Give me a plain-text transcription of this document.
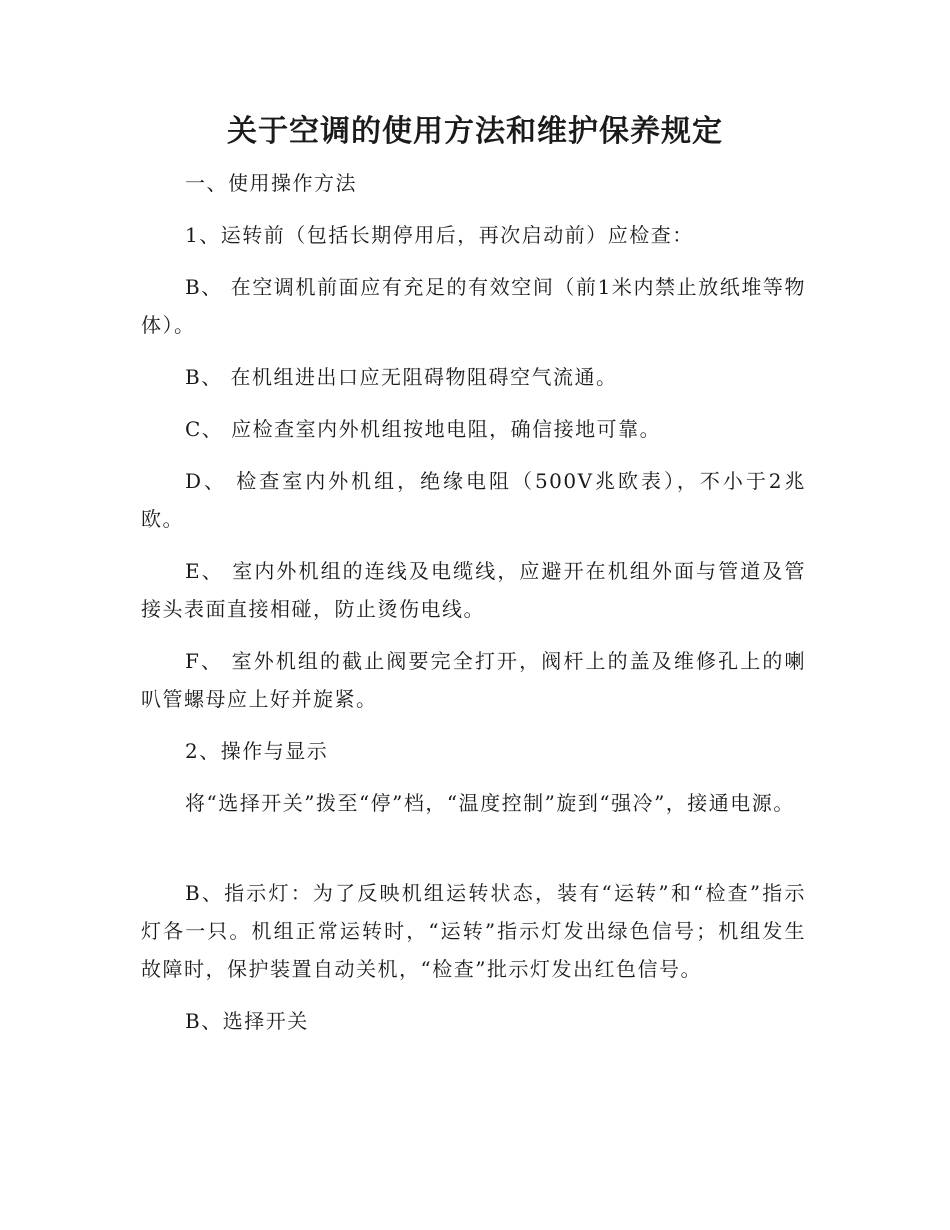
关于空调的使用方法和维护保养规定

一、使用操作方法

1、运转前（包括长期停用后，再次启动前）应检查：

B、 在空调机前面应有充足的有效空间（前1米内禁止放纸堆等物体）。

B、 在机组进出口应无阻碍物阻碍空气流通。

C、 应检查室内外机组按地电阻，确信接地可靠。

D、 检查室内外机组，绝缘电阻（500V兆欧表），不小于2兆欧。

E、 室内外机组的连线及电缆线，应避开在机组外面与管道及管接头表面直接相碰，防止烫伤电线。

F、 室外机组的截止阀要完全打开，阀杆上的盖及维修孔上的喇叭管螺母应上好并旋紧。

2、操作与显示

将“选择开关”拨至“停”档，“温度控制”旋到“强冷”，接通电源。

B、指示灯：为了反映机组运转状态，装有“运转”和“检查”指示灯各一只。机组正常运转时，“运转”指示灯发出绿色信号；机组发生故障时，保护装置自动关机，“检查”批示灯发出红色信号。

B、选择开关
